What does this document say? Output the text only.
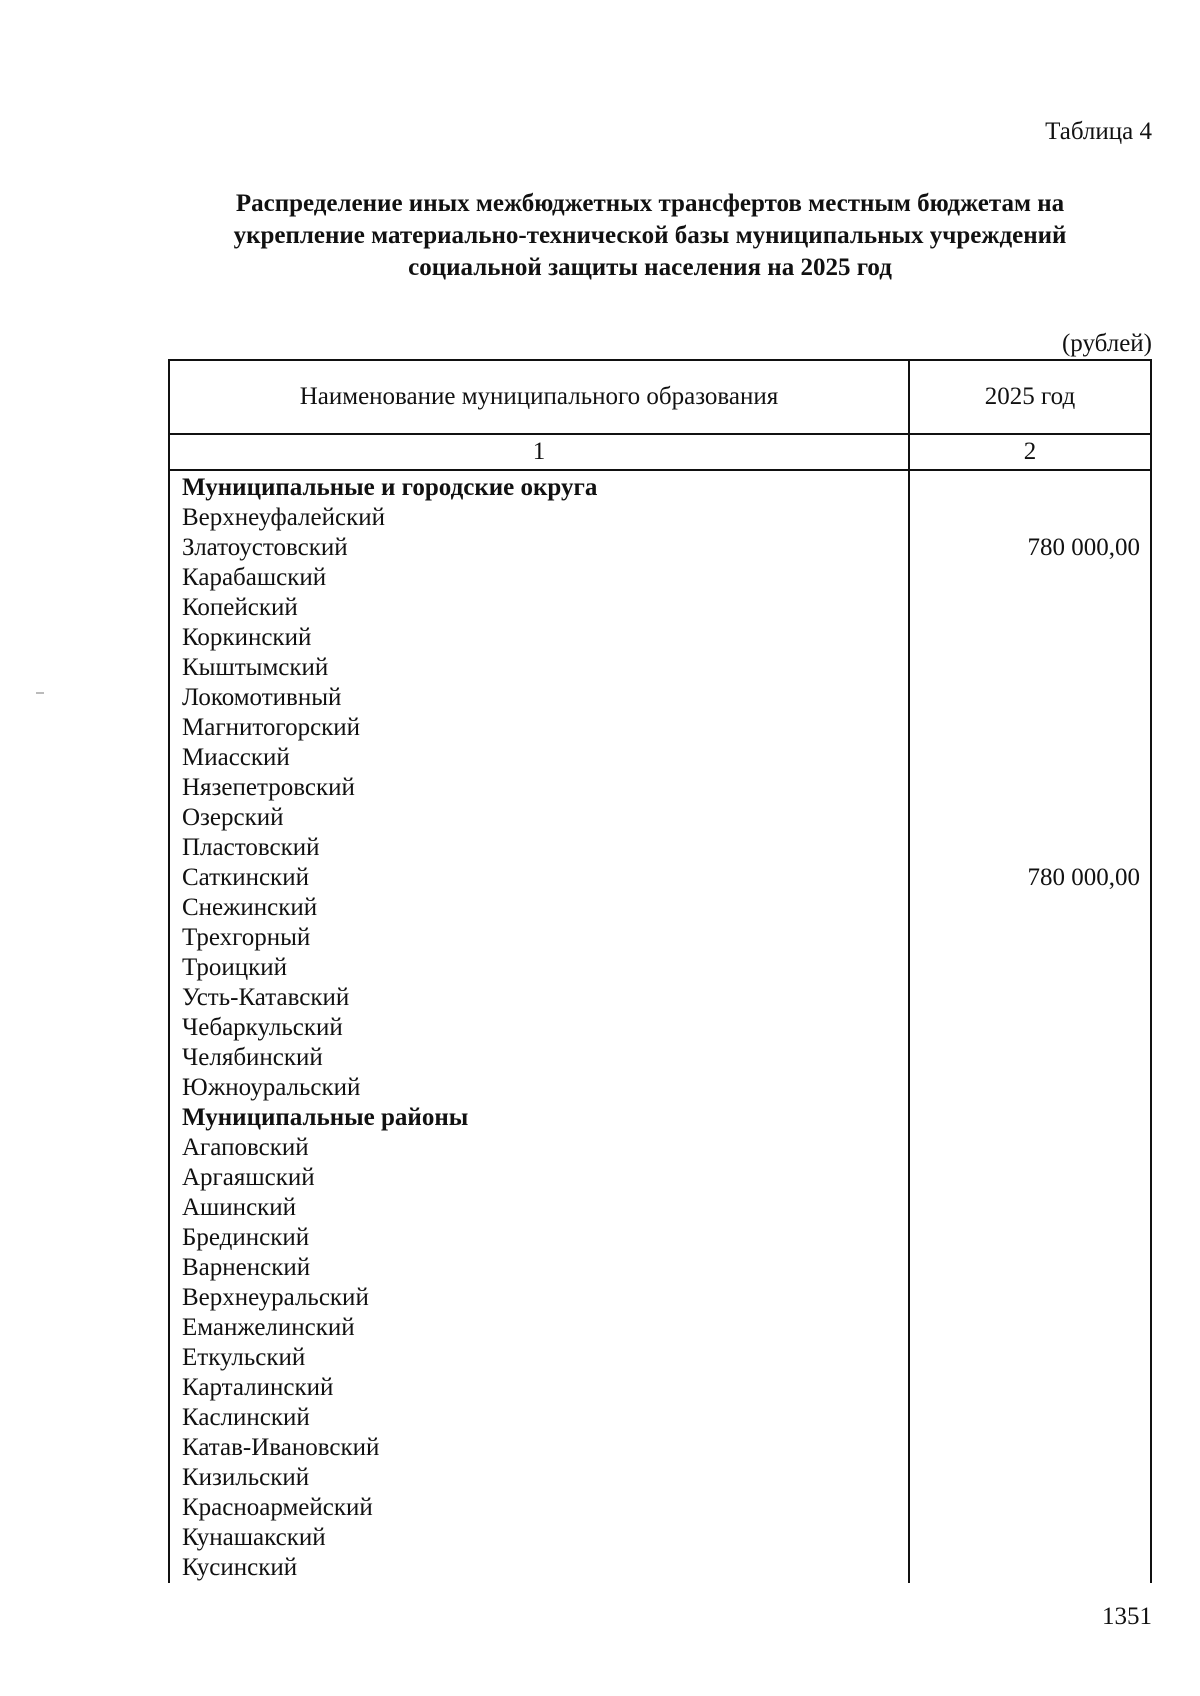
Таблица 4

Распределение иных межбюджетных трансфертов местным бюджетам на
укрепление материально-технической базы муниципальных учреждений
социальной защиты населения на 2025 год
(рублей)
Наименование муниципального образования	2025 год
1	2
Муниципальные и городские округа	
Верхнеуфалейский	
Златоустовский	780 000,00
Карабашский	
Копейский	
Коркинский	
Кыштымский	
Локомотивный	
Магнитогорский	
Миасский	
Нязепетровский	
Озерский	
Пластовский	
Саткинский	780 000,00
Снежинский	
Трехгорный	
Троицкий	
Усть-Катавский	
Чебаркульский	
Челябинский	
Южноуральский	
Муниципальные районы	
Агаповский	
Аргаяшский	
Ашинский	
Брединский	
Варненский	
Верхнеуральский	
Еманжелинский	
Еткульский	
Карталинский	
Каслинский	
Катав-Ивановский	
Кизильский	
Красноармейский	
Кунашакский	
Кусинский	
1351
